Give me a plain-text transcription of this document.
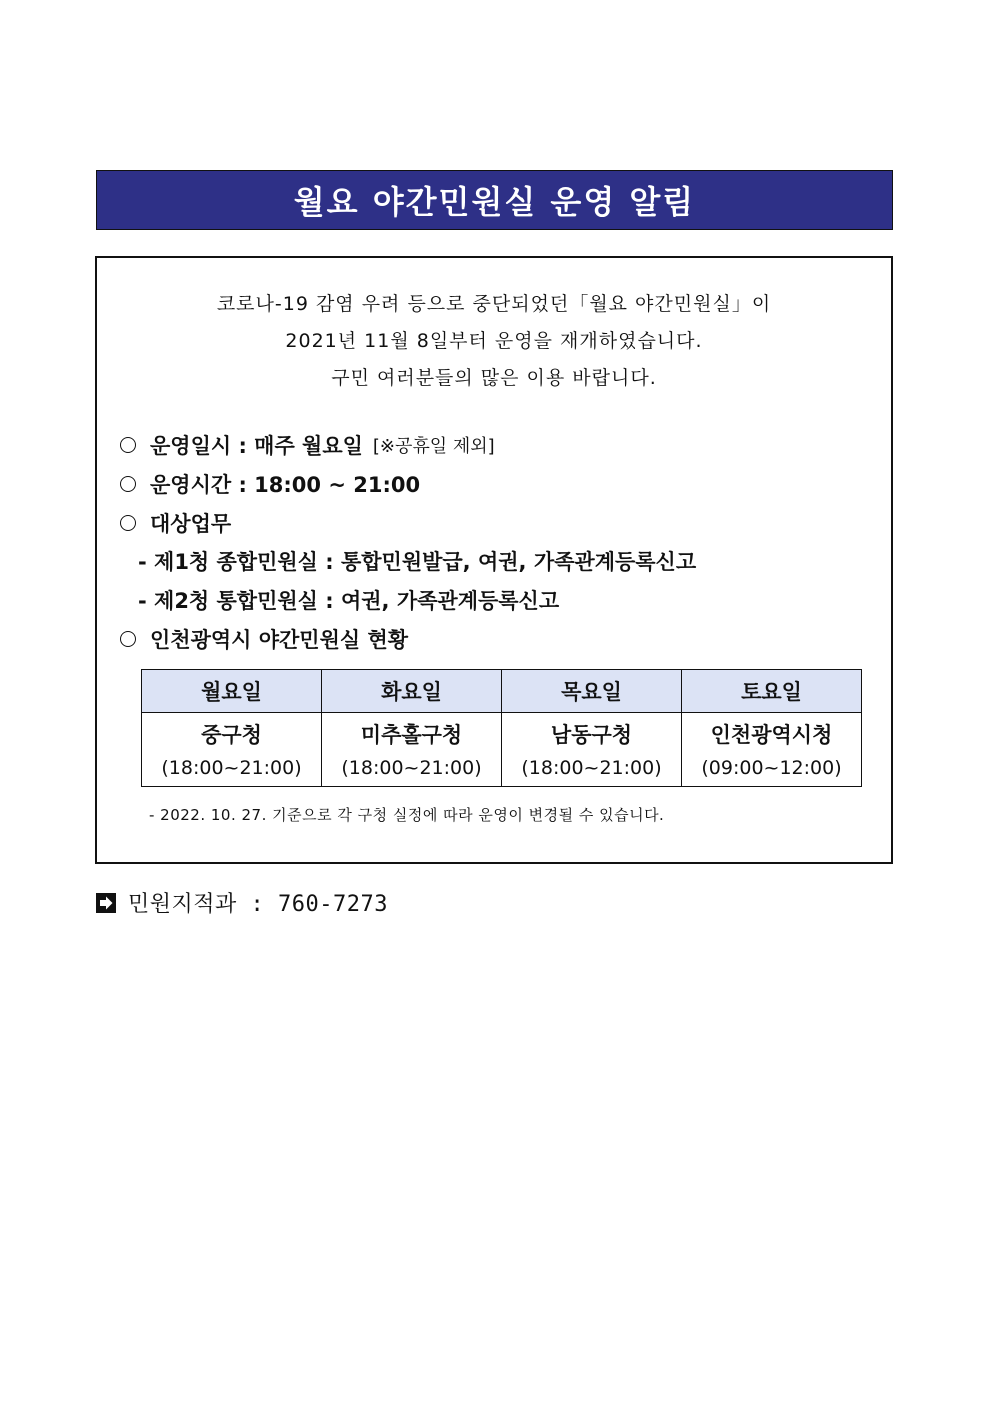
월요 야간민원실 운영 알림
코로나-19 감염 우려 등으로 중단되었던「월요 야간민원실」이
2021년 11월 8일부터 운영을 재개하였습니다.
구민 여러분들의 많은 이용 바랍니다.
운영일시 : 매주 월요일 [※공휴일 제외]
운영시간 : 18:00 ~ 21:00
대상업무
- 제1청 종합민원실 : 통합민원발급, 여권, 가족관계등록신고
- 제2청 통합민원실 : 여권, 가족관계등록신고
인천광역시 야간민원실 현황
월요일	화요일	목요일	토요일

중구청
(18:00~21:00)	미추홀구청
(18:00~21:00)	남동구청
(18:00~21:00)	인천광역시청
(09:00~12:00)
- 2022. 10. 27. 기준으로 각 구청 실정에 따라 운영이 변경될 수 있습니다.
민원지적과 : 760-7273
